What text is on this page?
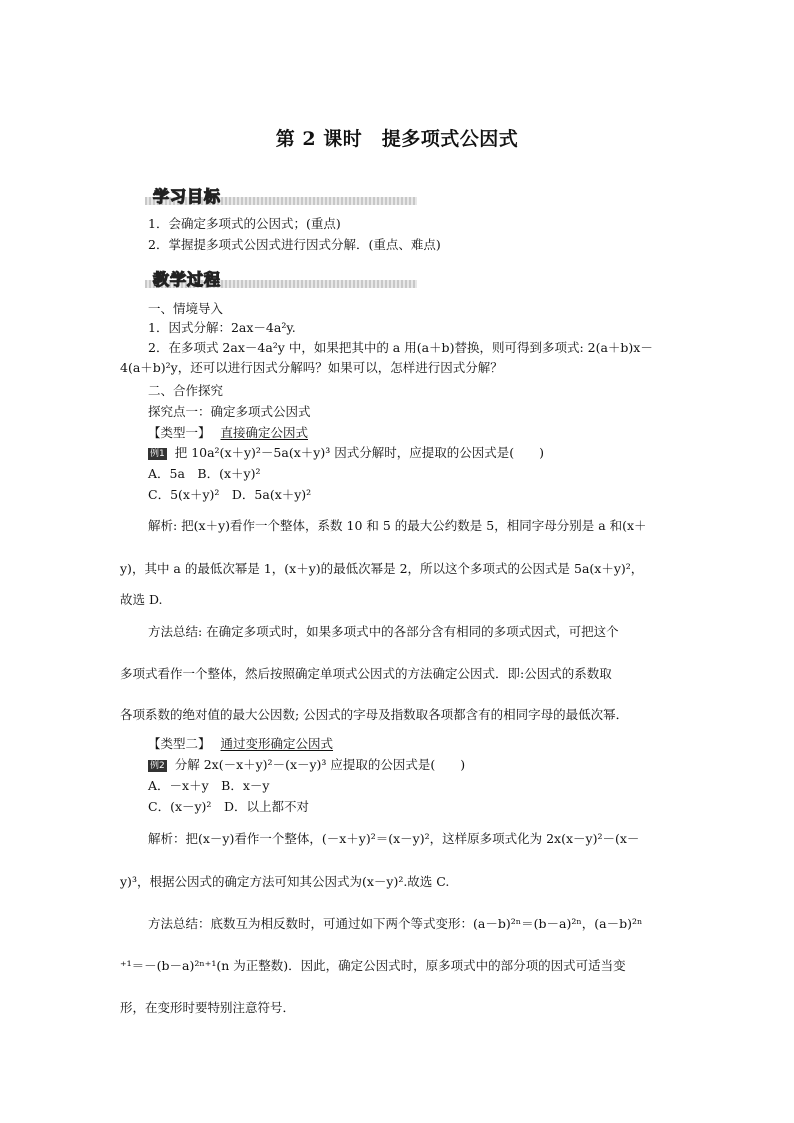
第 2 课时　提多项式公因式
学习目标
1．会确定多项式的公因式；(重点)
2．掌握提多项式公因式进行因式分解．(重点、难点)
教学过程
一、情境导入
1．因式分解：2ax－4a²y.
2．在多项式 2ax－4a²y 中，如果把其中的 a 用(a＋b)替换，则可得到多项式: 2(a＋b)x－
4(a＋b)²y，还可以进行因式分解吗？如果可以，怎样进行因式分解？
二、合作探究
探究点一：确定多项式公因式
【类型一】 直接确定公因式
例1 把 10a²(x＋y)²－5a(x＋y)³ 因式分解时，应提取的公因式是(　　)
A．5a　B．(x＋y)²
C．5(x＋y)²　D．5a(x＋y)²
解析: 把(x＋y)看作一个整体，系数 10 和 5 的最大公约数是 5，相同字母分别是 a 和(x＋
y)，其中 a 的最低次幂是 1，(x＋y)的最低次幂是 2，所以这个多项式的公因式是 5a(x＋y)²，
故选 D.
方法总结: 在确定多项式时，如果多项式中的各部分含有相同的多项式因式，可把这个
多项式看作一个整体，然后按照确定单项式公因式的方法确定公因式．即:公因式的系数取
各项系数的绝对值的最大公因数; 公因式的字母及指数取各项都含有的相同字母的最低次幂．
【类型二】 通过变形确定公因式
例2 分解 2x(－x＋y)²－(x－y)³ 应提取的公因式是(　　)
A．－x＋y　B．x－y
C．(x－y)²　D．以上都不对
解析：把(x－y)看作一个整体，(－x＋y)²＝(x－y)²，这样原多项式化为 2x(x－y)²－(x－
y)³，根据公因式的确定方法可知其公因式为(x－y)².故选 C.
方法总结：底数互为相反数时，可通过如下两个等式变形：(a－b)²ⁿ＝(b－a)²ⁿ，(a－b)²ⁿ
⁺¹＝－(b－a)²ⁿ⁺¹(n 为正整数)．因此，确定公因式时，原多项式中的部分项的因式可适当变
形，在变形时要特别注意符号．
